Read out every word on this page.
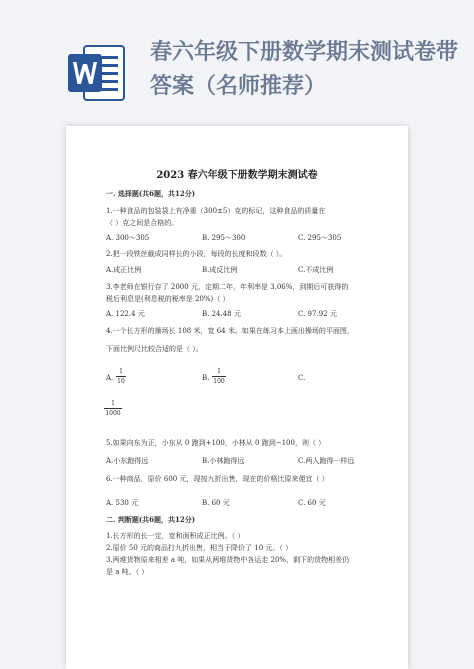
春六年级下册数学期末测试卷带答案（名师推荐）
2023 春六年级下册数学期末测试卷
一. 选择题(共6题，共12分)
1.一种食品的包装袋上有净重（300±5）克的标记，这种食品的质量在
（ ）克之间是合格的。
A. 300～305	B. 295～300	C. 295～305
2.把一段铁丝截成同样长的小段，每段的长度和段数（ ）。
A.成正比例	B.成反比例	C.不成比例
3.李老师在银行存了 2000 元，定期二年，年利率是 3.06%，到期后可获得的
税后利息是(利息税的税率是 20%)（ ）
A. 122.4 元	B. 24.48 元	C. 97.92 元
4.一个长方形的操场长 108 米，宽 64 米。如果在练习本上画出操场的平面图，
下面比例尺比较合适的是（ ）。
A.
1
10	B.
1
100	C.
1
1000
5.如果向东为正，小东从 0 跑到+100，小林从 0 跑到−100，则（ ）
A.小东跑得远	B.小林跑得远	C.两人跑得一样远
6.一种商品，原价 600 元，现按九折出售，现在的价格比原来便宜（ ）
A. 530 元	B. 60 元	C. 60 元
二. 判断题(共6题，共12分)
1.长方形的长一定，宽和面积成正比例。（ ）
2.原价 50 元的商品打九折出售，相当于降价了 10 元。（ ）
3.两堆货物原来相差 a 吨，如果从两堆货物中各运走 20%，剩下的货物相差仍
是 a 吨。（ ）
